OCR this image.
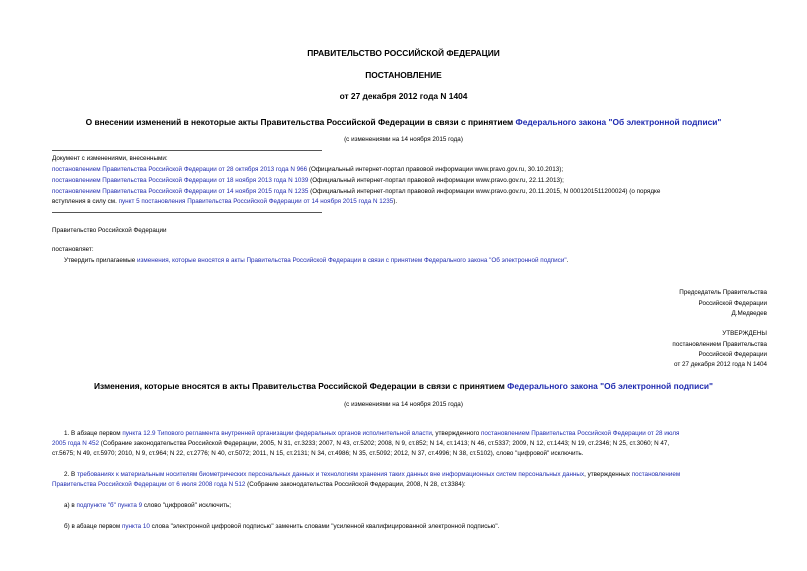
ПРАВИТЕЛЬСТВО РОССИЙСКОЙ ФЕДЕРАЦИИ
ПОСТАНОВЛЕНИЕ
от 27 декабря 2012 года N 1404
О внесении изменений в некоторые акты Правительства Российской Федерации в связи с принятием Федерального закона "Об электронной подписи"
(с изменениями на 14 ноября 2015 года)
Документ с изменениями, внесенными:
постановлением Правительства Российской Федерации от 28 октября 2013 года N 966 (Официальный интернет-портал правовой информации www.pravo.gov.ru, 30.10.2013);
постановлением Правительства Российской Федерации от 18 ноября 2013 года N 1039 (Официальный интернет-портал правовой информации www.pravo.gov.ru, 22.11.2013);
постановлением Правительства Российской Федерации от 14 ноября 2015 года N 1235 (Официальный интернет-портал правовой информации www.pravo.gov.ru, 20.11.2015, N 0001201511200024) (о порядке
вступления в силу см. пункт 5 постановления Правительства Российской Федерации от 14 ноября 2015 года N 1235).
Правительство Российской Федерации
постановляет:
Утвердить прилагаемые изменения, которые вносятся в акты Правительства Российской Федерации в связи с принятием Федерального закона "Об электронной подписи".
Председатель Правительства
Российской Федерации
Д.Медведев
УТВЕРЖДЕНЫ
постановлением Правительства
Российской Федерации
от 27 декабря 2012 года N 1404
Изменения, которые вносятся в акты Правительства Российской Федерации в связи с принятием Федерального закона "Об электронной подписи"
(с изменениями на 14 ноября 2015 года)
1. В абзаце первом пункта 12.9 Типового регламента внутренней организации федеральных органов исполнительной власти, утвержденного постановлением Правительства Российской Федерации от 28 июля
2005 года N 452 (Собрание законодательства Российской Федерации, 2005, N 31, ст.3233; 2007, N 43, ст.5202; 2008, N 9, ст.852; N 14, ст.1413; N 46, ст.5337; 2009, N 12, ст.1443; N 19, ст.2346; N 25, ст.3060; N 47,
ст.5675; N 49, ст.5970; 2010, N 9, ст.964; N 22, ст.2776; N 40, ст.5072; 2011, N 15, ст.2131; N 34, ст.4986; N 35, ст.5092; 2012, N 37, ст.4996; N 38, ст.5102), слово "цифровой" исключить.
2. В требованиях к материальным носителям биометрических персональных данных и технологиям хранения таких данных вне информационных систем персональных данных, утвержденных постановлением
Правительства Российской Федерации от 6 июля 2008 года N 512 (Собрание законодательства Российской Федерации, 2008, N 28, ст.3384):
а) в подпункте "б" пункта 9 слово "цифровой" исключить;
б) в абзаце первом пункта 10 слова "электронной цифровой подписью" заменить словами "усиленной квалифицированной электронной подписью".
